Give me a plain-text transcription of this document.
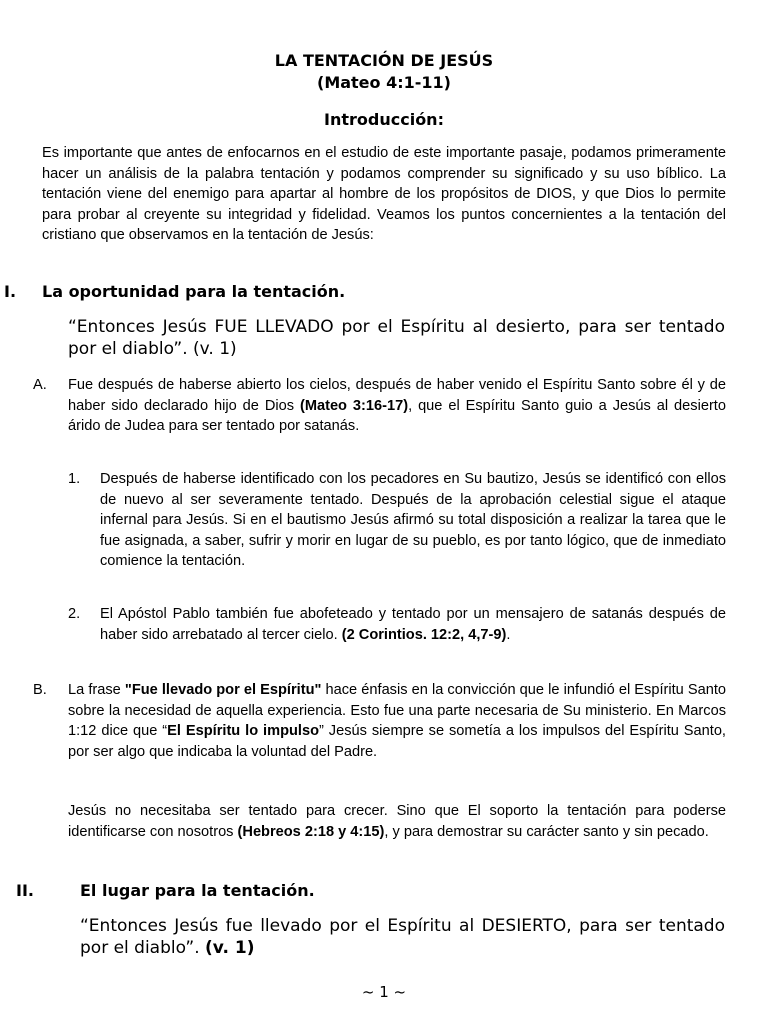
LA TENTACIÓN DE JESÚS
(Mateo 4:1-11)
Introducción:

Es importante que antes de enfocarnos en el estudio de este importante pasaje, podamos primeramente hacer un análisis de la palabra tentación y podamos comprender su significado y su uso bíblico. La tentación viene del enemigo para apartar al hombre de los propósitos de DIOS, y que Dios lo permite para probar al creyente su integridad y fidelidad. Veamos los puntos concernientes a la tentación del cristiano que observamos en la tentación de Jesús:

I. La oportunidad para la tentación.
“Entonces Jesús FUE LLEVADO por el Espíritu al desierto, para ser tentado por el diablo”. (v. 1)
A. Fue después de haberse abierto los cielos, después de haber venido el Espíritu Santo sobre él y de haber sido declarado hijo de Dios (Mateo 3:16-17), que el Espíritu Santo guio a Jesús al desierto árido de Judea para ser tentado por satanás.

1. Después de haberse identificado con los pecadores en Su bautizo, Jesús se identificó con ellos de nuevo al ser severamente tentado. Después de la aprobación celestial sigue el ataque infernal para Jesús. Si en el bautismo Jesús afirmó su total disposición a realizar la tarea que le fue asignada, a saber, sufrir y morir en lugar de su pueblo, es por tanto lógico, que de inmediato comience la tentación.

2. El Apóstol Pablo también fue abofeteado y tentado por un mensajero de satanás después de haber sido arrebatado al tercer cielo. (2 Corintios. 12:2, 4,7-9).

B. La frase "Fue llevado por el Espíritu" hace énfasis en la convicción que le infundió el Espíritu Santo sobre la necesidad de aquella experiencia. Esto fue una parte necesaria de Su ministerio. En Marcos 1:12 dice que “El Espíritu lo impulso” Jesús siempre se sometía a los impulsos del Espíritu Santo, por ser algo que indicaba la voluntad del Padre.

Jesús no necesitaba ser tentado para crecer. Sino que El soporto la tentación para poderse identificarse con nosotros (Hebreos 2:18 y 4:15), y para demostrar su carácter santo y sin pecado.

II.	El lugar para la tentación.
“Entonces Jesús fue llevado por el Espíritu al DESIERTO, para ser tentado por el diablo”. (v. 1)
~ 1 ~
